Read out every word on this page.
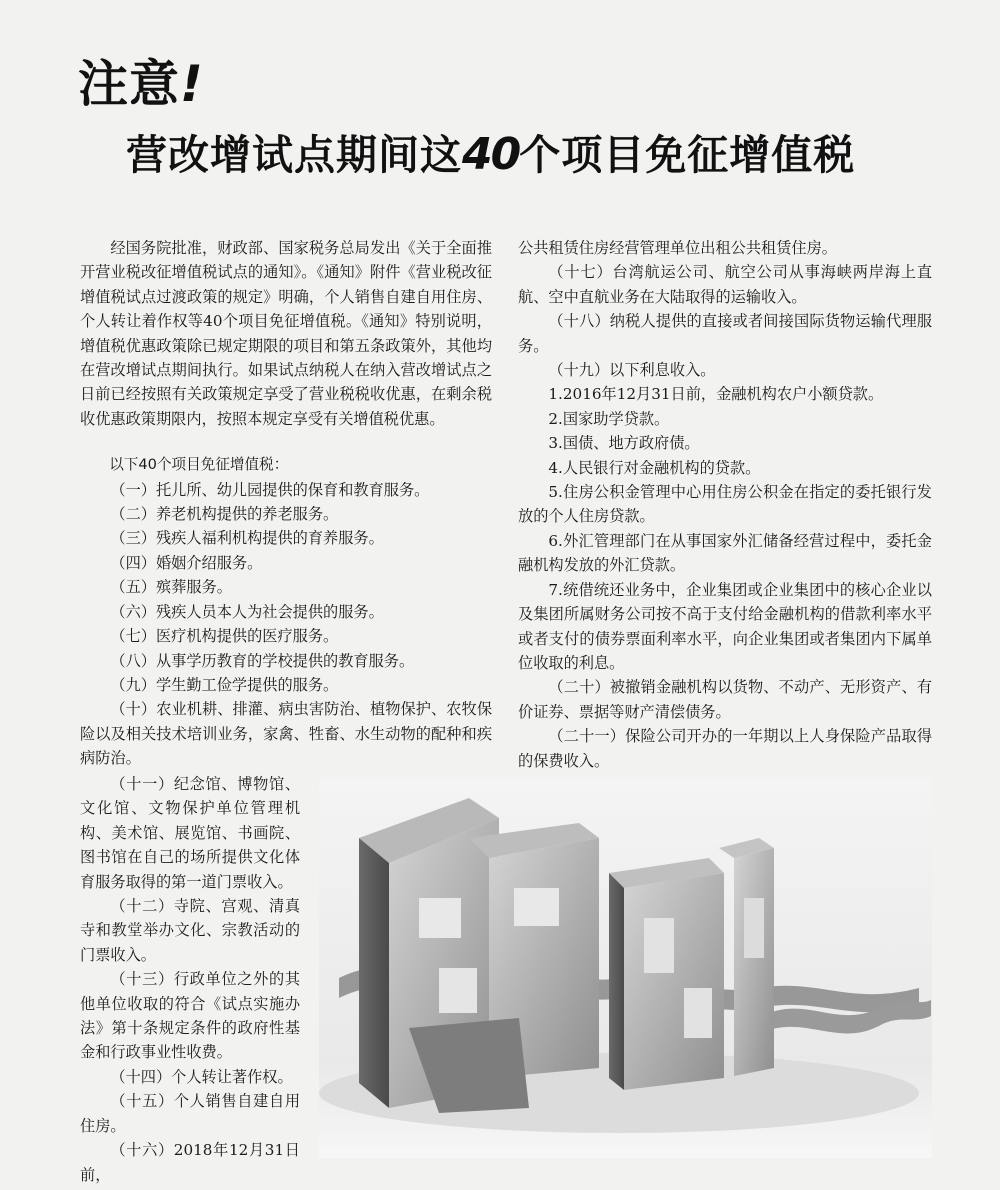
注意!
营改增试点期间这40个项目免征增值税

经国务院批准，财政部、国家税务总局发出《关于全面推开营业税改征增值税试点的通知》。《通知》附件《营业税改征增值税试点过渡政策的规定》明确，个人销售自建自用住房、个人转让着作权等40个项目免征增值税。《通知》特别说明，增值税优惠政策除已规定期限的项目和第五条政策外，其他均在营改增试点期间执行。如果试点纳税人在纳入营改增试点之日前已经按照有关政策规定享受了营业税税收优惠，在剩余税收优惠政策期限内，按照本规定享受有关增值税优惠。

以下40个项目免征增值税：

（一）托儿所、幼儿园提供的保育和教育服务。

（二）养老机构提供的养老服务。

（三）残疾人福利机构提供的育养服务。

（四）婚姻介绍服务。

（五）殡葬服务。

（六）残疾人员本人为社会提供的服务。

（七）医疗机构提供的医疗服务。

（八）从事学历教育的学校提供的教育服务。

（九）学生勤工俭学提供的服务。

（十）农业机耕、排灌、病虫害防治、植物保护、农牧保险以及相关技术培训业务，家禽、牲畜、水生动物的配种和疾病防治。

（十一）纪念馆、博物馆、文化馆、文物保护单位管理机构、美术馆、展览馆、书画院、图书馆在自己的场所提供文化体育服务取得的第一道门票收入。

（十二）寺院、宫观、清真寺和教堂举办文化、宗教活动的门票收入。

（十三）行政单位之外的其他单位收取的符合《试点实施办法》第十条规定条件的政府性基金和行政事业性收费。

（十四）个人转让著作权。

（十五）个人销售自建自用住房。

（十六）2018年12月31日前，

公共租赁住房经营管理单位出租公共租赁住房。

（十七）台湾航运公司、航空公司从事海峡两岸海上直航、空中直航业务在大陆取得的运输收入。

（十八）纳税人提供的直接或者间接国际货物运输代理服务。

（十九）以下利息收入。

1.2016年12月31日前，金融机构农户小额贷款。

2.国家助学贷款。

3.国债、地方政府债。

4.人民银行对金融机构的贷款。

5.住房公积金管理中心用住房公积金在指定的委托银行发放的个人住房贷款。

6.外汇管理部门在从事国家外汇储备经营过程中，委托金融机构发放的外汇贷款。

7.统借统还业务中，企业集团或企业集团中的核心企业以及集团所属财务公司按不高于支付给金融机构的借款利率水平或者支付的债券票面利率水平，向企业集团或者集团内下属单位收取的利息。

（二十）被撤销金融机构以货物、不动产、无形资产、有价证券、票据等财产清偿债务。

（二十一）保险公司开办的一年期以上人身保险产品取得的保费收入。
